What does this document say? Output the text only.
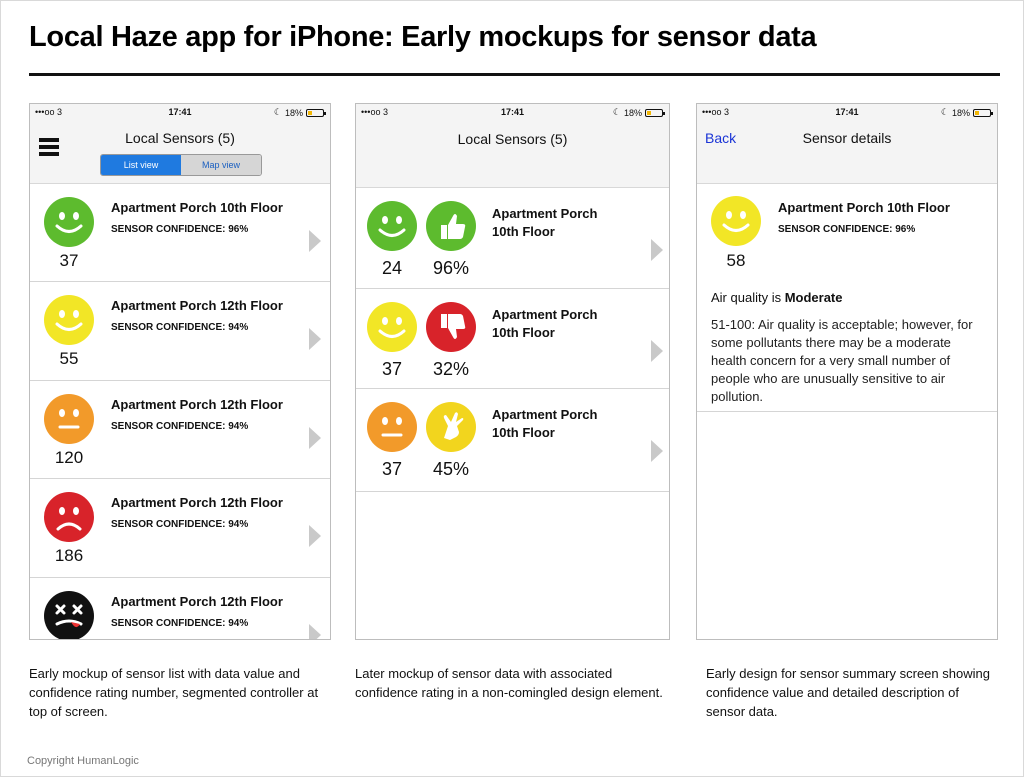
Local Haze app for iPhone: Early mockups for sensor data
•••oo 3	17:41	☾ 18%
Local Sensors (5)
List view	Map view
37
Apartment Porch 10th Floor
SENSOR CONFIDENCE: 96%
55
Apartment Porch 12th Floor
SENSOR CONFIDENCE: 94%
120
Apartment Porch 12th Floor
SENSOR CONFIDENCE: 94%
186
Apartment Porch 12th Floor
SENSOR CONFIDENCE: 94%
Apartment Porch 12th Floor
SENSOR CONFIDENCE: 94%
•••oo 3	17:41	☾ 18%
Local Sensors (5)
24	96%
Apartment Porch
10th Floor
37	32%
Apartment Porch
10th Floor
37	45%
Apartment Porch
10th Floor
•••oo 3	17:41	☾ 18%
Back	Sensor details
58
Apartment Porch 10th Floor
SENSOR CONFIDENCE: 96%
Air quality is Moderate
51-100: Air quality is acceptable; however, for some pollutants there may be a moderate health concern for a very small number of people who are unusually sensitive to air pollution.
Early mockup of sensor list with data value and confidence rating number, segmented controller at top of screen.
Later mockup of sensor data with associated confidence rating in a non-comingled design element.
Early design for sensor summary screen showing confidence value and detailed description of sensor data.
Copyright HumanLogic
